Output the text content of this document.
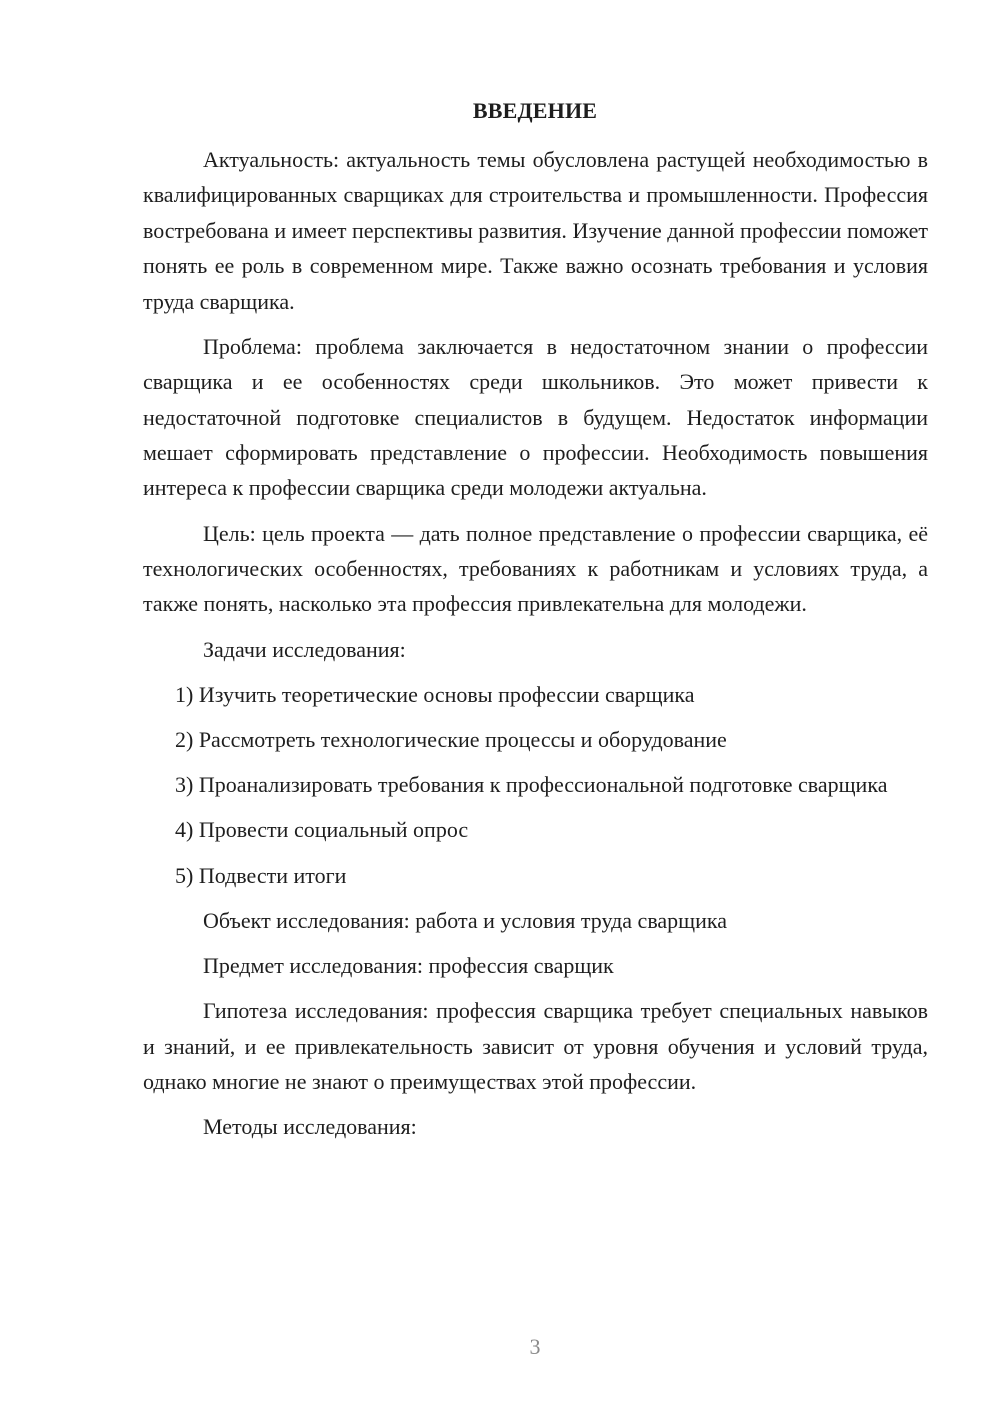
ВВЕДЕНИЕ

Актуальность: актуальность темы обусловлена растущей необходимостью в квалифицированных сварщиках для строительства и промышленности. Профессия востребована и имеет перспективы развития. Изучение данной профессии поможет понять ее роль в современном мире. Также важно осознать требования и условия труда сварщика.

Проблема: проблема заключается в недостаточном знании о профессии сварщика и ее особенностях среди школьников. Это может привести к недостаточной подготовке специалистов в будущем. Недостаток информации мешает сформировать представление о профессии. Необходимость повышения интереса к профессии сварщика среди молодежи актуальна.

Цель: цель проекта — дать полное представление о профессии сварщика, её технологических особенностях, требованиях к работникам и условиях труда, а также понять, насколько эта профессия привлекательна для молодежи.

Задачи исследования:

1) Изучить теоретические основы профессии сварщика

2) Рассмотреть технологические процессы и оборудование

3) Проанализировать требования к профессиональной подготовке сварщика

4) Провести социальный опрос

5) Подвести итоги

Объект исследования: работа и условия труда сварщика

Предмет исследования: профессия сварщик

Гипотеза исследования: профессия сварщика требует специальных навыков и знаний, и ее привлекательность зависит от уровня обучения и условий труда, однако многие не знают о преимуществах этой профессии.

Методы исследования:

3
